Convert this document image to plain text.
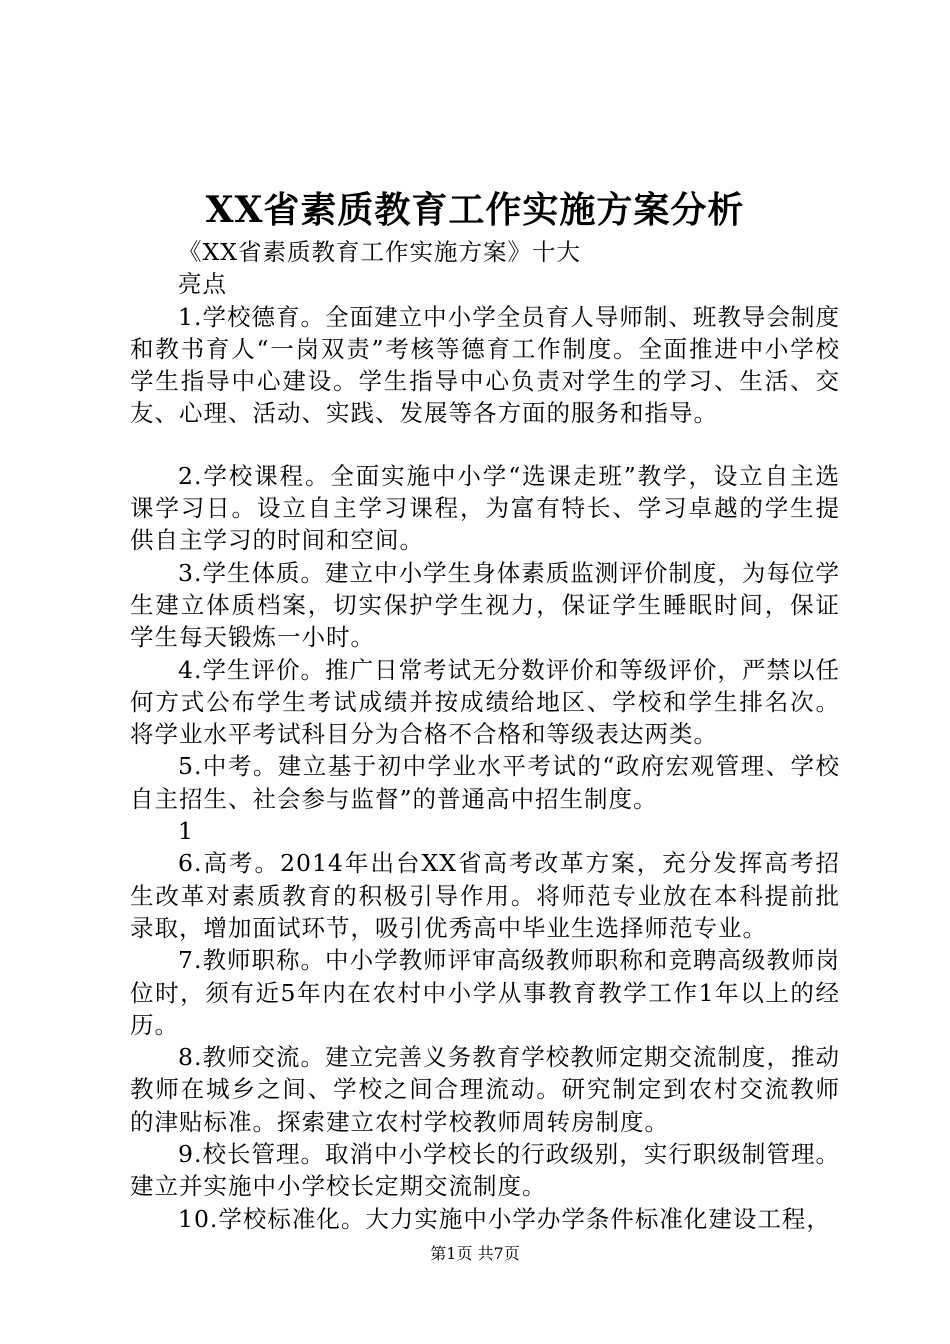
XX省素质教育工作实施方案分析

《XX省素质教育工作实施方案》十大

亮点

1.学校德育。全面建立中小学全员育人导师制、班教导会制度和教书育人“一岗双责”考核等德育工作制度。全面推进中小学校学生指导中心建设。学生指导中心负责对学生的学习、生活、交友、心理、活动、实践、发展等各方面的服务和指导。

2.学校课程。全面实施中小学“选课走班”教学，设立自主选课学习日。设立自主学习课程，为富有特长、学习卓越的学生提供自主学习的时间和空间。

3.学生体质。建立中小学生身体素质监测评价制度，为每位学生建立体质档案，切实保护学生视力，保证学生睡眠时间，保证学生每天锻炼一小时。

4.学生评价。推广日常考试无分数评价和等级评价，严禁以任何方式公布学生考试成绩并按成绩给地区、学校和学生排名次。将学业水平考试科目分为合格不合格和等级表达两类。

5.中考。建立基于初中学业水平考试的“政府宏观管理、学校自主招生、社会参与监督”的普通高中招生制度。

1

6.高考。2014年出台XX省高考改革方案，充分发挥高考招生改革对素质教育的积极引导作用。将师范专业放在本科提前批录取，增加面试环节，吸引优秀高中毕业生选择师范专业。

7.教师职称。中小学教师评审高级教师职称和竞聘高级教师岗位时，须有近5年内在农村中小学从事教育教学工作1年以上的经历。

8.教师交流。建立完善义务教育学校教师定期交流制度，推动教师在城乡之间、学校之间合理流动。研究制定到农村交流教师的津贴标准。探索建立农村学校教师周转房制度。

9.校长管理。取消中小学校长的行政级别，实行职级制管理。建立并实施中小学校长定期交流制度。

10.学校标准化。大力实施中小学办学条件标准化建设工程，

第1页 共7页
